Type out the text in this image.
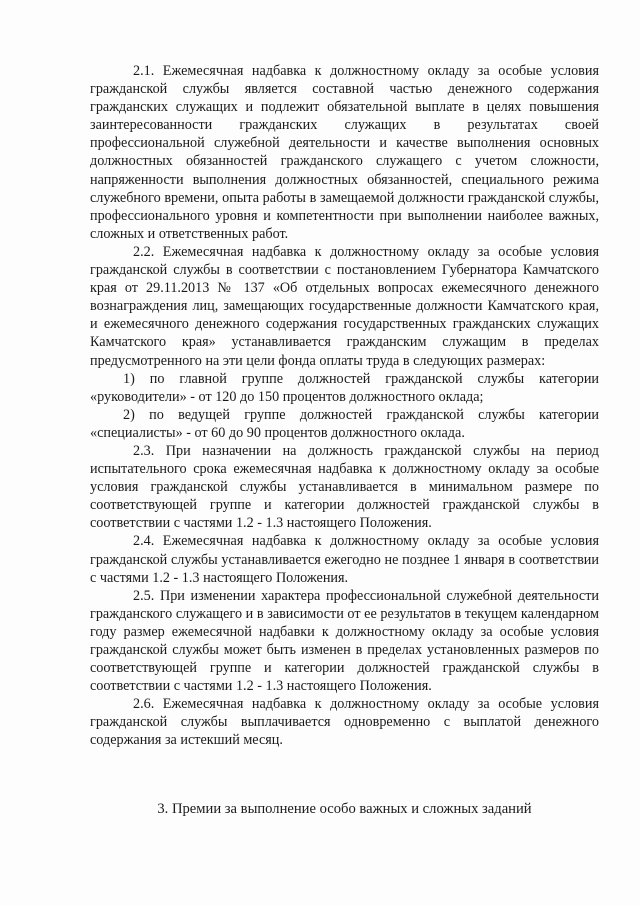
2.1. Ежемесячная надбавка к должностному окладу за особые условия гражданской службы является составной частью денежного содержания гражданских служащих и подлежит обязательной выплате в целях повышения заинтересованности гражданских служащих в результатах своей профессиональной служебной деятельности и качестве выполнения основных должностных обязанностей гражданского служащего с учетом сложности, напряженности выполнения должностных обязанностей, специального режима служебного времени, опыта работы в замещаемой должности гражданской службы, профессионального уровня и компетентности при выполнении наиболее важных, сложных и ответственных работ.

2.2. Ежемесячная надбавка к должностному окладу за особые условия гражданской службы в соответствии с постановлением Губернатора Камчатского края от 29.11.2013 № 137 «Об отдельных вопросах ежемесячного денежного вознаграждения лиц, замещающих государственные должности Камчатского края, и ежемесячного денежного содержания государственных гражданских служащих Камчатского края» устанавливается гражданским служащим в пределах предусмотренного на эти цели фонда оплаты труда в следующих размерах:

1) по главной группе должностей гражданской службы категории «руководители» - от 120 до 150 процентов должностного оклада;

2) по ведущей группе должностей гражданской службы категории «специалисты» - от 60 до 90 процентов должностного оклада.

2.3. При назначении на должность гражданской службы на период испытательного срока ежемесячная надбавка к должностному окладу за особые условия гражданской службы устанавливается в минимальном размере по соответствующей группе и категории должностей гражданской службы в соответствии с частями 1.2 - 1.3 настоящего Положения.

2.4. Ежемесячная надбавка к должностному окладу за особые условия гражданской службы устанавливается ежегодно не позднее 1 января в соответствии с частями 1.2 - 1.3 настоящего Положения.

2.5. При изменении характера профессиональной служебной деятельности гражданского служащего и в зависимости от ее результатов в текущем календарном году размер ежемесячной надбавки к должностному окладу за особые условия гражданской службы может быть изменен в пределах установленных размеров по соответствующей группе и категории должностей гражданской службы в соответствии с частями 1.2 - 1.3 настоящего Положения.

2.6. Ежемесячная надбавка к должностному окладу за особые условия гражданской службы выплачивается одновременно с выплатой денежного содержания за истекший месяц.

3. Премии за выполнение особо важных и сложных заданий
